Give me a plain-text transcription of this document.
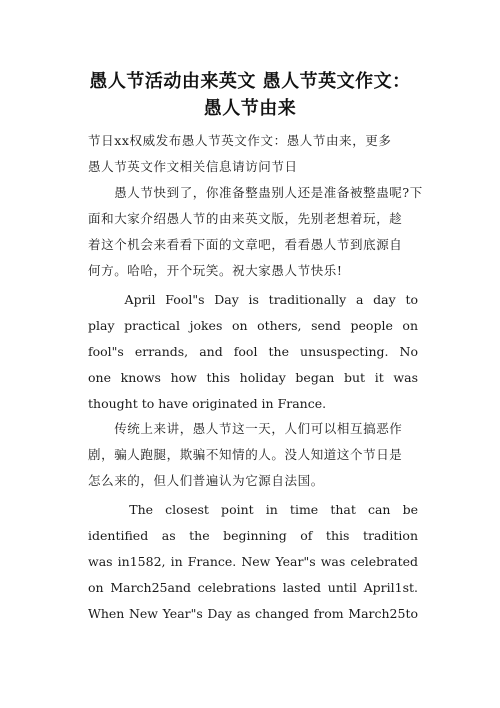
愚人节活动由来英文 愚人节英文作文：
愚人节由来
节日xx权威发布愚人节英文作文：愚人节由来，更多
愚人节英文作文相关信息请访问节日
　　愚人节快到了，你准备整蛊别人还是准备被整蛊呢?下
面和大家介绍愚人节的由来英文版，先别老想着玩，趁
着这个机会来看看下面的文章吧，看看愚人节到底源自
何方。哈哈，开个玩笑。祝大家愚人节快乐!
　　April Fool"s Day is traditionally a day to
play practical jokes on others, send people on
fool"s errands, and fool the unsuspecting. No
one knows how this holiday began but it was
thought to have originated in France.
　　传统上来讲，愚人节这一天，人们可以相互搞恶作
剧，骗人跑腿，欺骗不知情的人。没人知道这个节日是
怎么来的，但人们普遍认为它源自法国。
　　The closest point in time that can be
identified as the beginning of this tradition
was in1582, in France. New Year"s was celebrated
on March25and celebrations lasted until April1st.
When New Year"s Day as changed from March25to
